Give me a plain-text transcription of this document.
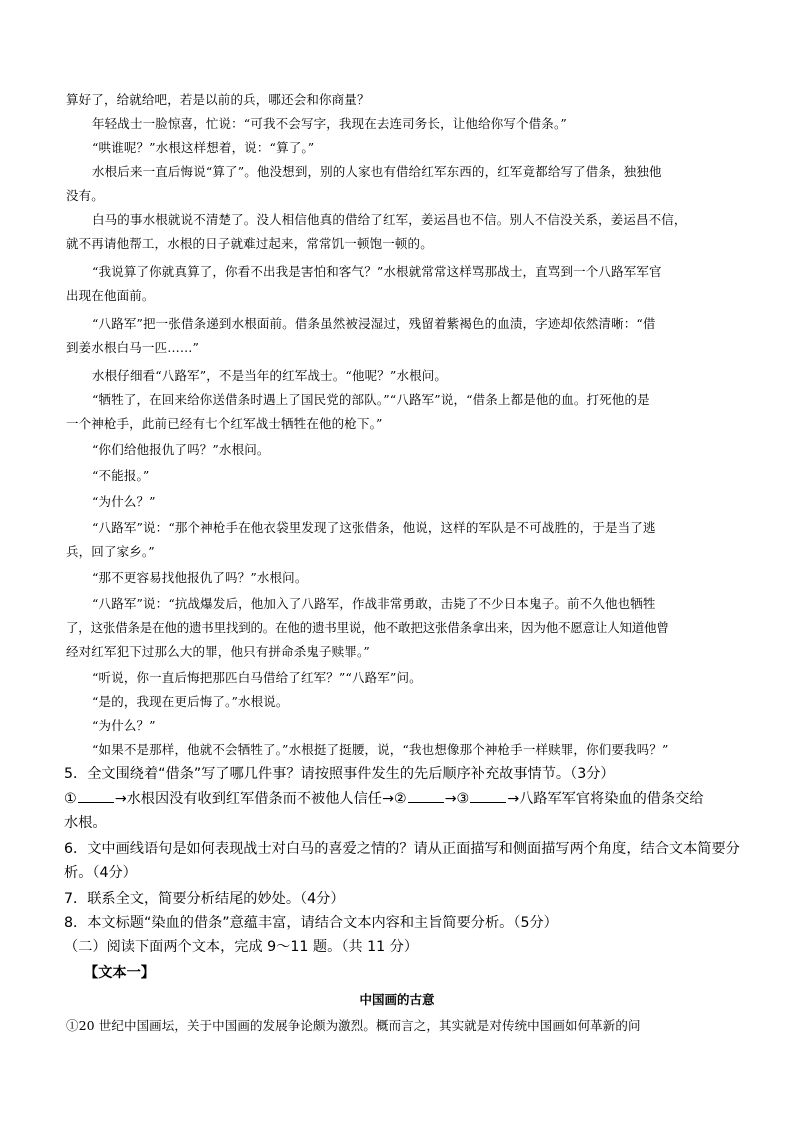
算好了，给就给吧，若是以前的兵，哪还会和你商量？
年轻战士一脸惊喜，忙说：“可我不会写字，我现在去连司务长，让他给你写个借条。”
“哄谁呢？”水根这样想着，说：“算了。”
水根后来一直后悔说“算了”。他没想到，别的人家也有借给红军东西的，红军竟都给写了借条，独独他
没有。
白马的事水根就说不清楚了。没人相信他真的借给了红军，姜运昌也不信。别人不信没关系，姜运昌不信，
就不再请他帮工，水根的日子就难过起来，常常饥一顿饱一顿的。
“我说算了你就真算了，你看不出我是害怕和客气？”水根就常常这样骂那战士，直骂到一个八路军军官
出现在他面前。
“八路军”把一张借条递到水根面前。借条虽然被浸湿过，残留着紫褐色的血渍，字迹却依然清晰：“借
到姜水根白马一匹……”
水根仔细看“八路军”，不是当年的红军战士。“他呢？”水根问。
“牺牲了，在回来给你送借条时遇上了国民党的部队。”“八路军”说，“借条上都是他的血。打死他的是
一个神枪手，此前已经有七个红军战士牺牲在他的枪下。”
“你们给他报仇了吗？”水根问。
“不能报。”
“为什么？”
“八路军”说：“那个神枪手在他衣袋里发现了这张借条，他说，这样的军队是不可战胜的，于是当了逃
兵，回了家乡。”
“那不更容易找他报仇了吗？”水根问。
“八路军”说：“抗战爆发后，他加入了八路军，作战非常勇敢，击毙了不少日本鬼子。前不久他也牺牲
了，这张借条是在他的遗书里找到的。在他的遗书里说，他不敢把这张借条拿出来，因为他不愿意让人知道他曾
经对红军犯下过那么大的罪，他只有拼命杀鬼子赎罪。”
“听说，你一直后悔把那匹白马借给了红军？”“八路军”问。
“是的，我现在更后悔了。”水根说。
“为什么？”
“如果不是那样，他就不会牺牲了。”水根挺了挺腰，说，“我也想像那个神枪手一样赎罪，你们要我吗？”
5．全文围绕着“借条”写了哪几件事？请按照事件发生的先后顺序补充故事情节。（3分）
①	→水根因没有收到红军借条而不被他人信任→②	→③	→八路军军官将染血的借条交给
水根。
6．文中画线语句是如何表现战士对白马的喜爱之情的？请从正面描写和侧面描写两个角度，结合文本简要分
析。（4分）
7．联系全文，简要分析结尾的妙处。（4分）
8．本文标题“染血的借条”意蕴丰富，请结合文本内容和主旨简要分析。（5分）
（二）阅读下面两个文本，完成 9～11 题。（共 11 分）
【文本一】
中国画的古意
①20 世纪中国画坛，关于中国画的发展争论颇为激烈。概而言之，其实就是对传统中国画如何革新的问
